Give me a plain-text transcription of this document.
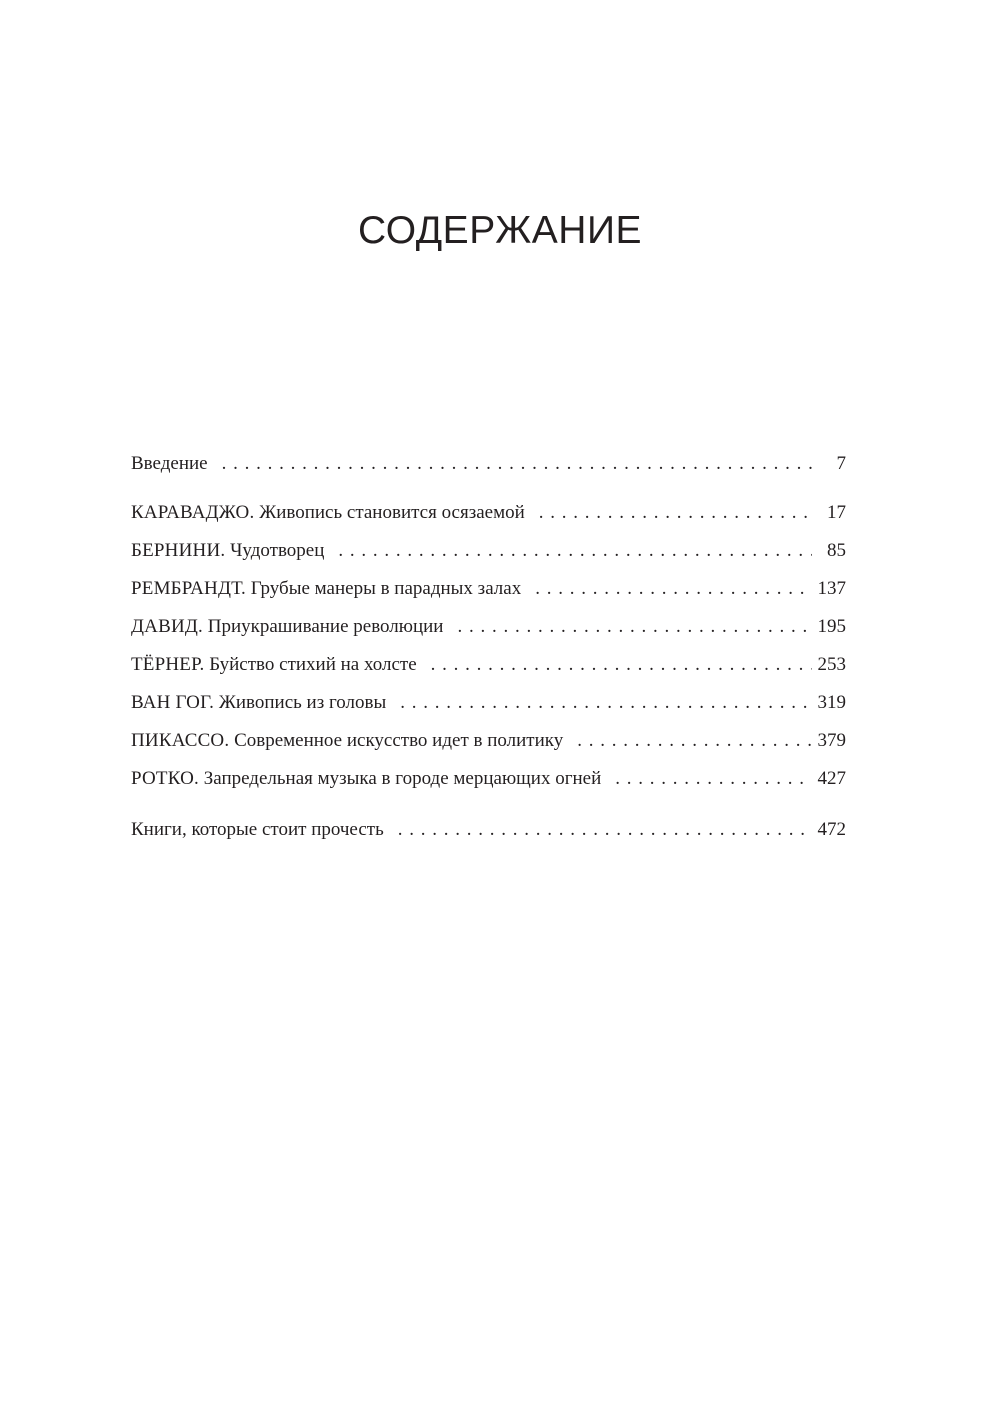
СОДЕРЖАНИЕ
Введение . . .	7
КАРАВАДЖО. Живопись становится осязаемой . . .	17
БЕРНИНИ. Чудотворец . . .	85
РЕМБРАНДТ. Грубые манеры в парадных залах . . .	137
ДАВИД. Приукрашивание революции . . .	195
ТЁРНЕР. Буйство стихий на холсте . . .	253
ВАН ГОГ. Живопись из головы . . .	319
ПИКАССО. Современное искусство идет в политику . . .	379
РОТКО. Запредельная музыка в городе мерцающих огней . . .	427
Книги, которые стоит прочесть . . .	472
